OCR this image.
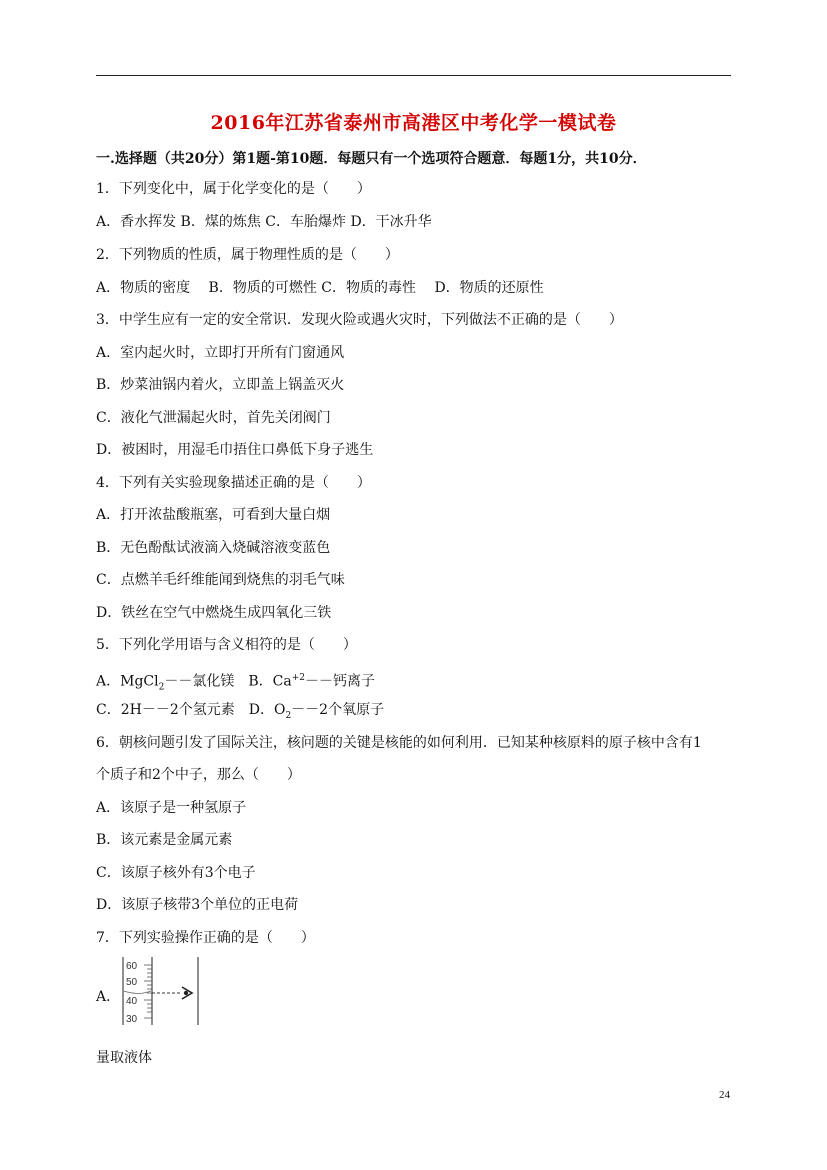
2016年江苏省泰州市高港区中考化学一模试卷
一.选择题（共20分）第1题-第10题．每题只有一个选项符合题意．每题1分，共10分．
1．下列变化中，属于化学变化的是（　　）
A．香水挥发 B．煤的炼焦 C．车胎爆炸 D．干冰升华
2．下列物质的性质，属于物理性质的是（　　）
A．物质的密度　 B．物质的可燃性 C．物质的毒性　 D．物质的还原性
3．中学生应有一定的安全常识．发现火险或遇火灾时，下列做法不正确的是（　　）
A．室内起火时，立即打开所有门窗通风
B．炒菜油锅内着火，立即盖上锅盖灭火
C．液化气泄漏起火时，首先关闭阀门
D．被困时，用湿毛巾捂住口鼻低下身子逃生
4．下列有关实验现象描述正确的是（　　）
A．打开浓盐酸瓶塞，可看到大量白烟
B．无色酚酞试液滴入烧碱溶液变蓝色
C．点燃羊毛纤维能闻到烧焦的羽毛气味
D．铁丝在空气中燃烧生成四氧化三铁
5．下列化学用语与含义相符的是（　　）
A．MgCl$_2$－－氯化镁　B．$Ca^{+2}--$钙离子
C．2H－－2个氢元素　D．$O_2--2$个氧原子
6．朝核问题引发了国际关注，核问题的关键是核能的如何利用．已知某种核原料的原子核中含有1
个质子和2个中子，那么（　　）
A．该原子是一种氢原子
B．该元素是金属元素
C．该原子核外有3个电子
D．该原子核带3个单位的正电荷
7．下列实验操作正确的是（　　）
A．
60
50
40
30
量取液体
24
